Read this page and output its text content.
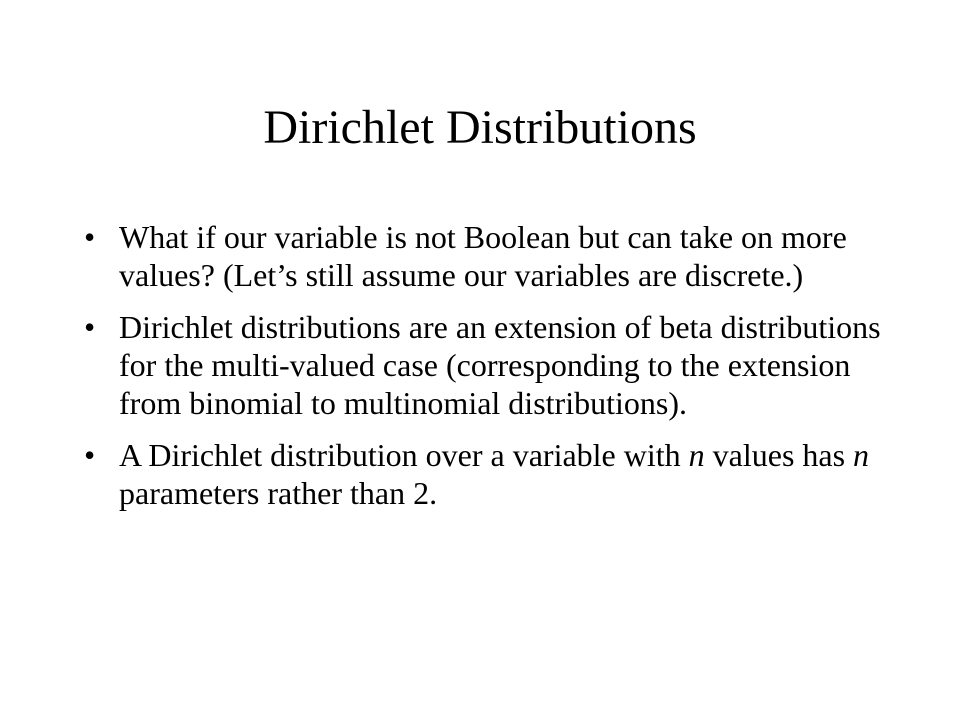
Dirichlet Distributions
• What if our variable is not Boolean but can take on more values? (Let’s still assume our variables are discrete.)
• Dirichlet distributions are an extension of beta distributions for the multi-valued case (corresponding to the extension from binomial to multinomial distributions).
• A Dirichlet distribution over a variable with n values has n parameters rather than 2.
